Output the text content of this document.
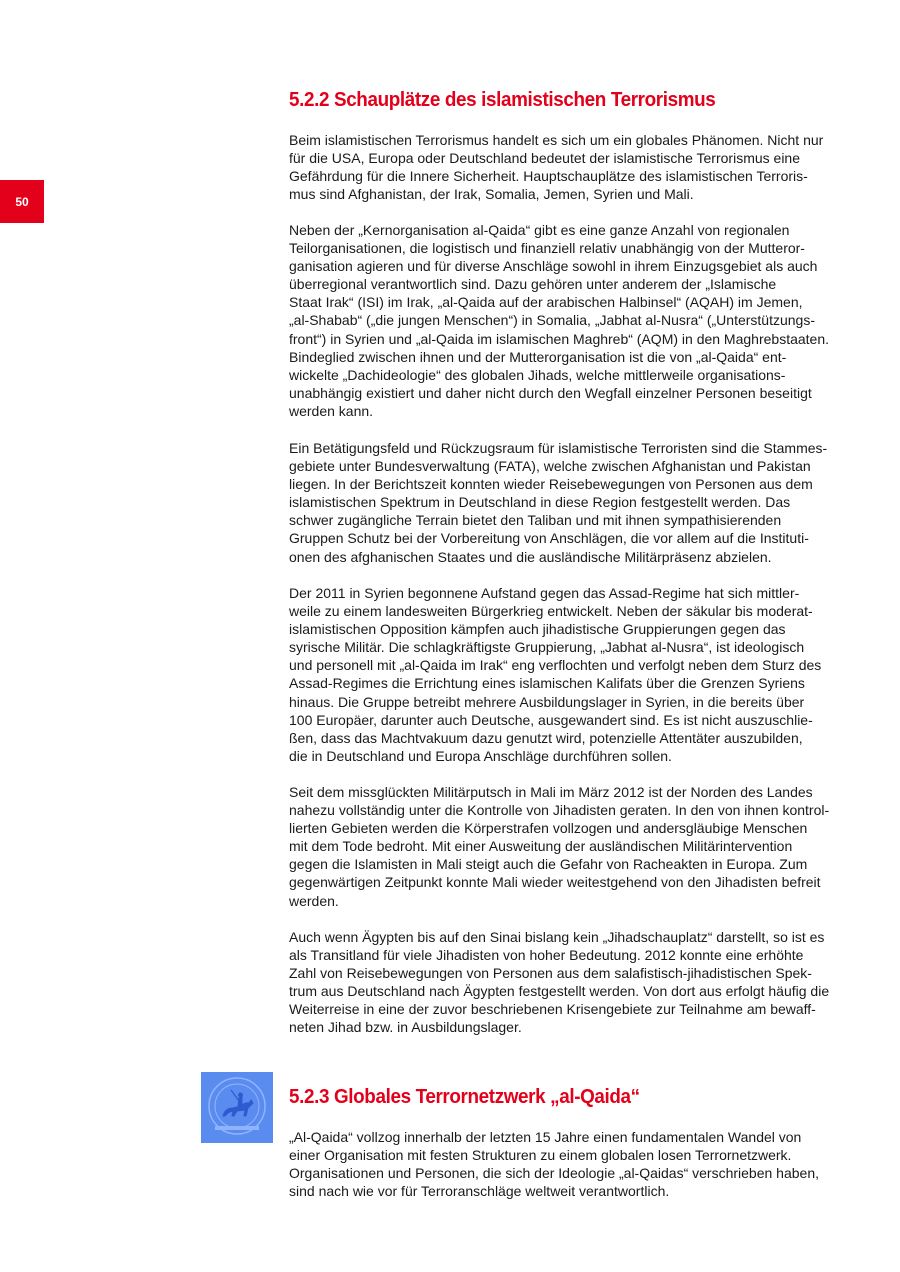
50
5.2.2 Schauplätze des islamistischen Terrorismus
Beim islamistischen Terrorismus handelt es sich um ein globales Phänomen. Nicht nur
für die USA, Europa oder Deutschland bedeutet der islamistische Terrorismus eine
Gefährdung für die Innere Sicherheit. Hauptschauplätze des islamistischen Terroris-
mus sind Afghanistan, der Irak, Somalia, Jemen, Syrien und Mali.
Neben der „Kernorganisation al-Qaida“ gibt es eine ganze Anzahl von regionalen
Teilorganisationen, die logistisch und finanziell relativ unabhängig von der Mutteror-
ganisation agieren und für diverse Anschläge sowohl in ihrem Einzugsgebiet als auch
überregional verantwortlich sind. Dazu gehören unter anderem der „Islamische
Staat Irak“ (ISI) im Irak, „al-Qaida auf der arabischen Halbinsel“ (AQAH) im Jemen,
„al-Shabab“ („die jungen Menschen“) in Somalia, „Jabhat al-Nusra“ („Unterstützungs-
front“) in Syrien und „al-Qaida im islamischen Maghreb“ (AQM) in den Maghrebstaaten.
Bindeglied zwischen ihnen und der Mutterorganisation ist die von „al-Qaida“ ent-
wickelte „Dachideologie“ des globalen Jihads, welche mittlerweile organisations-
unabhängig existiert und daher nicht durch den Wegfall einzelner Personen beseitigt
werden kann.
Ein Betätigungsfeld und Rückzugsraum für islamistische Terroristen sind die Stammes-
gebiete unter Bundesverwaltung (FATA), welche zwischen Afghanistan und Pakistan
liegen. In der Berichtszeit konnten wieder Reisebewegungen von Personen aus dem
islamistischen Spektrum in Deutschland in diese Region festgestellt werden. Das
schwer zugängliche Terrain bietet den Taliban und mit ihnen sympathisierenden
Gruppen Schutz bei der Vorbereitung von Anschlägen, die vor allem auf die Instituti-
onen des afghanischen Staates und die ausländische Militärpräsenz abzielen.
Der 2011 in Syrien begonnene Aufstand gegen das Assad-Regime hat sich mittler-
weile zu einem landesweiten Bürgerkrieg entwickelt. Neben der säkular bis moderat-
islamistischen Opposition kämpfen auch jihadistische Gruppierungen gegen das
syrische Militär. Die schlagkräftigste Gruppierung, „Jabhat al-Nusra“, ist ideologisch
und personell mit „al-Qaida im Irak“ eng verflochten und verfolgt neben dem Sturz des
Assad-Regimes die Errichtung eines islamischen Kalifats über die Grenzen Syriens
hinaus. Die Gruppe betreibt mehrere Ausbildungslager in Syrien, in die bereits über
100 Europäer, darunter auch Deutsche, ausgewandert sind. Es ist nicht auszuschlie-
ßen, dass das Machtvakuum dazu genutzt wird, potenzielle Attentäter auszubilden,
die in Deutschland und Europa Anschläge durchführen sollen.
Seit dem missglückten Militärputsch in Mali im März 2012 ist der Norden des Landes
nahezu vollständig unter die Kontrolle von Jihadisten geraten. In den von ihnen kontrol-
lierten Gebieten werden die Körperstrafen vollzogen und andersgläubige Menschen
mit dem Tode bedroht. Mit einer Ausweitung der ausländischen Militärintervention
gegen die Islamisten in Mali steigt auch die Gefahr von Racheakten in Europa. Zum
gegenwärtigen Zeitpunkt konnte Mali wieder weitestgehend von den Jihadisten befreit
werden.
Auch wenn Ägypten bis auf den Sinai bislang kein „Jihadschauplatz“ darstellt, so ist es
als Transitland für viele Jihadisten von hoher Bedeutung. 2012 konnte eine erhöhte
Zahl von Reisebewegungen von Personen aus dem salafistisch-jihadistischen Spek-
trum aus Deutschland nach Ägypten festgestellt werden. Von dort aus erfolgt häufig die
Weiterreise in eine der zuvor beschriebenen Krisengebiete zur Teilnahme am bewaff-
neten Jihad bzw. in Ausbildungslager.
5.2.3 Globales Terrornetzwerk „al-Qaida“
„Al-Qaida“ vollzog innerhalb der letzten 15 Jahre einen fundamentalen Wandel von
einer Organisation mit festen Strukturen zu einem globalen losen Terrornetzwerk.
Organisationen und Personen, die sich der Ideologie „al-Qaidas“ verschrieben haben,
sind nach wie vor für Terroranschläge weltweit verantwortlich.
